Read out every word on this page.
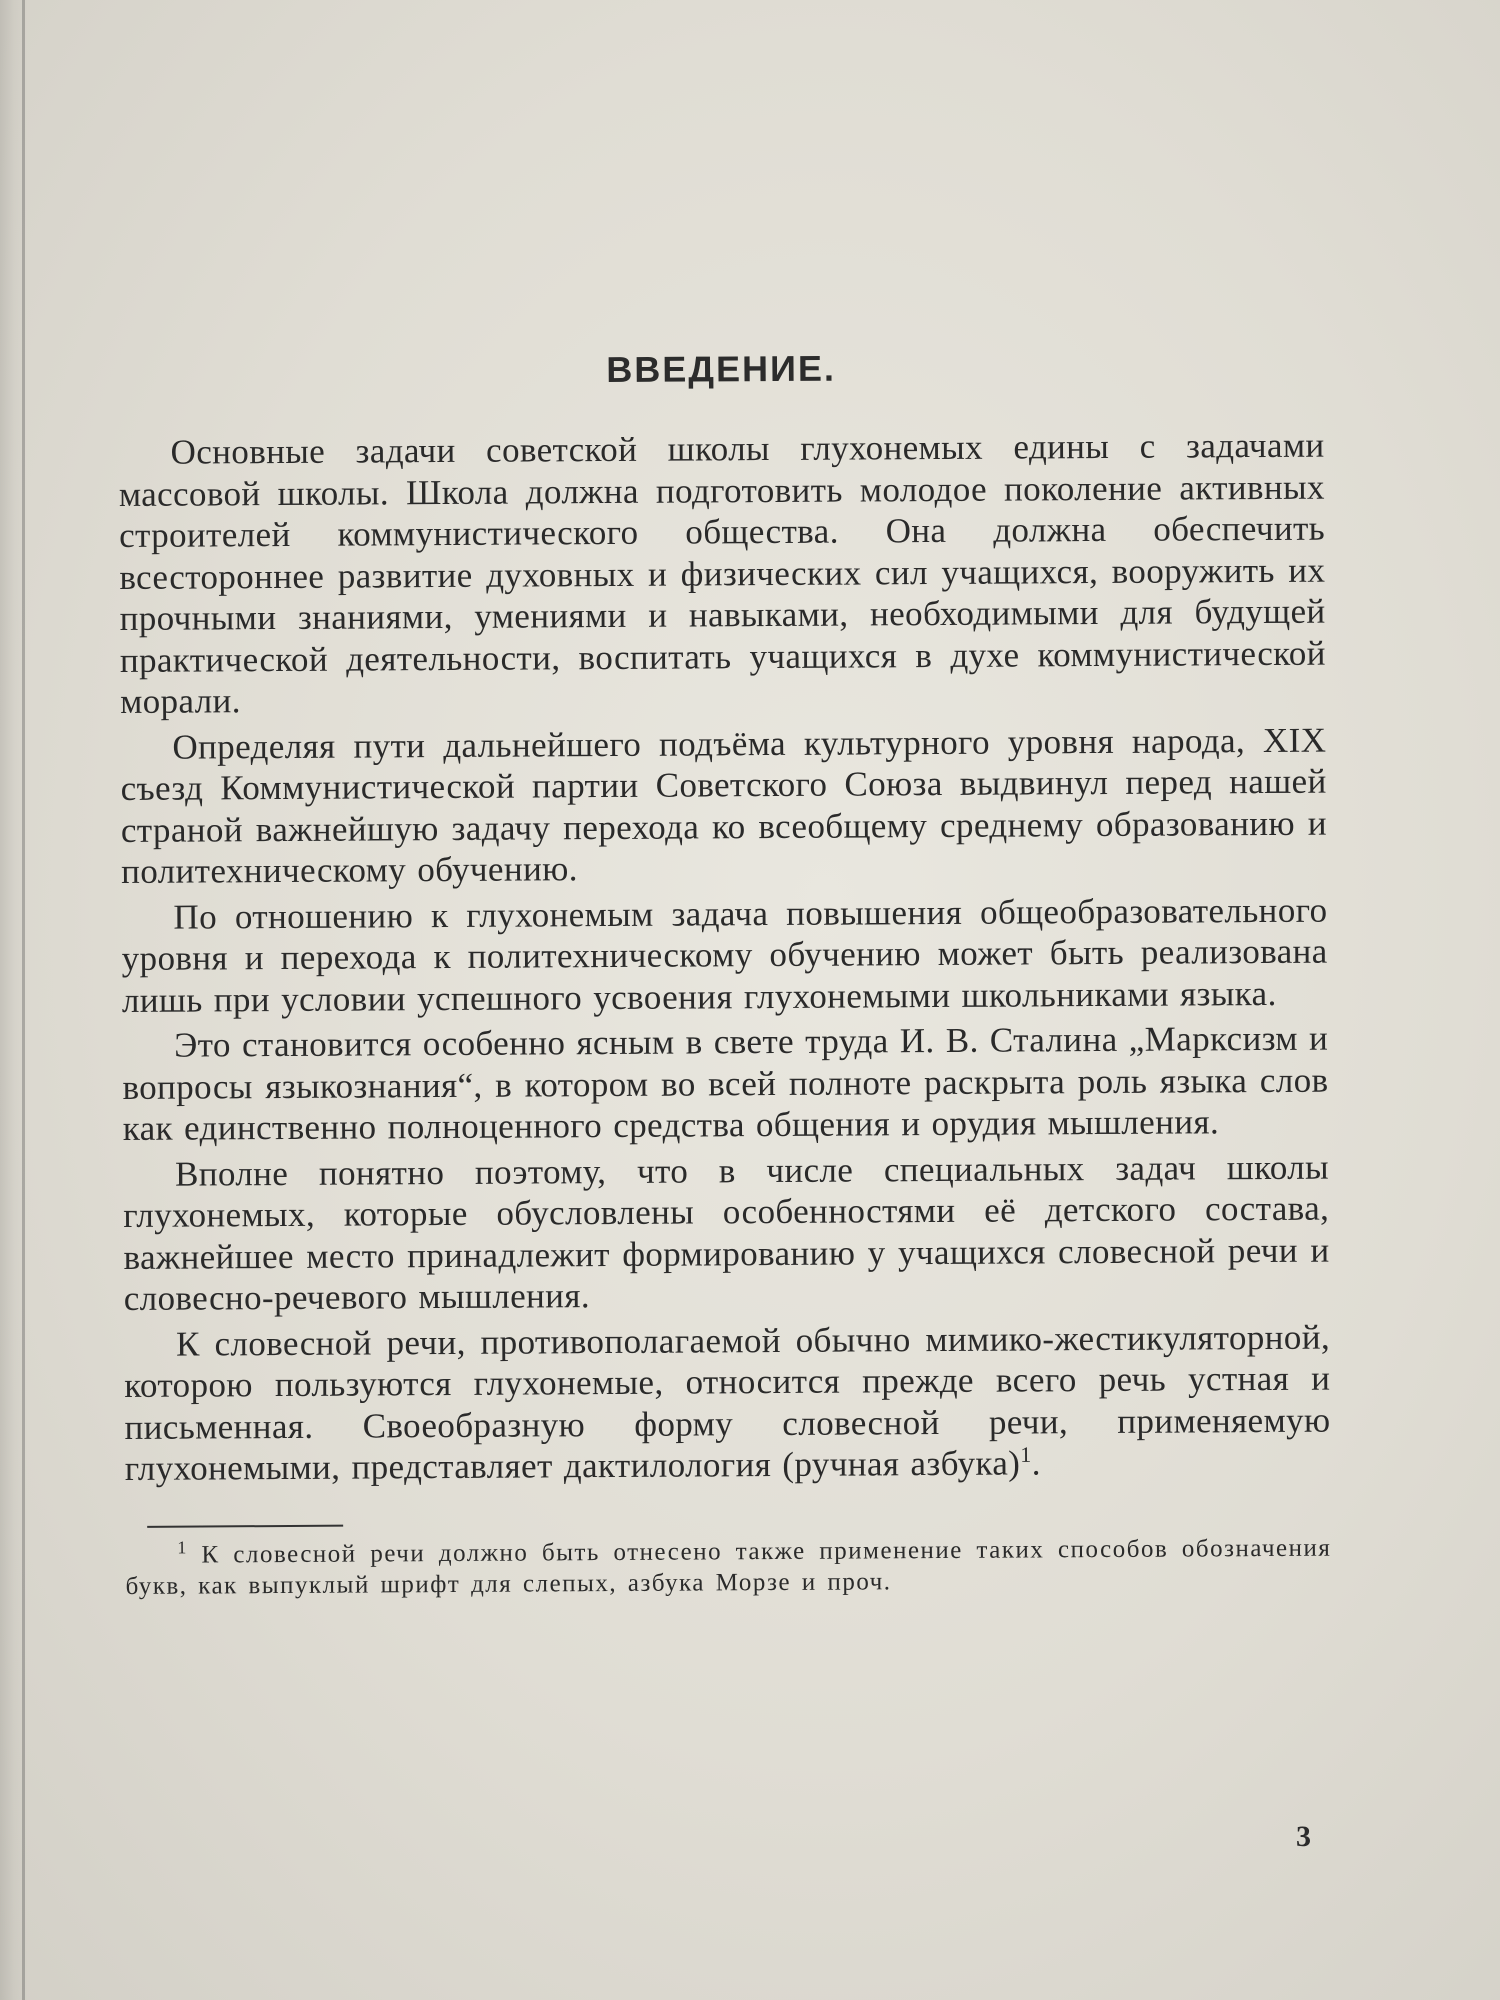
ВВЕДЕНИЕ.

Основные задачи советской школы глухонемых едины с задачами массовой школы. Школа должна подготовить молодое поколение активных строителей коммунистического общества. Она должна обеспечить всестороннее развитие духовных и физических сил учащихся, вооружить их прочными знаниями, умениями и навыками, необходимыми для будущей практической деятельности, воспитать учащихся в духе коммунистической морали.

Определяя пути дальнейшего подъёма культурного уровня народа, XIX съезд Коммунистической партии Советского Союза выдвинул перед нашей страной важнейшую задачу перехода ко всеобщему среднему образованию и политехническому обучению.

По отношению к глухонемым задача повышения общеобразовательного уровня и перехода к политехническому обучению может быть реализована лишь при условии успешного усвоения глухонемыми школьниками языка.

Это становится особенно ясным в свете труда И. В. Сталина „Марксизм и вопросы языкознания“, в котором во всей полноте раскрыта роль языка слов как единственно полноценного средства общения и орудия мышления.

Вполне понятно поэтому, что в числе специальных задач школы глухонемых, которые обусловлены особенностями её детского состава, важнейшее место принадлежит формированию у учащихся словесной речи и словесно-речевого мышления.

К словесной речи, противополагаемой обычно мимико-жестикуляторной, которою пользуются глухонемые, относится прежде всего речь устная и письменная. Своеобразную форму словесной речи, применяемую глухонемыми, представляет дактилология (ручная азбука)$^1$.

$^1$ К словесной речи должно быть отнесено также применение таких способов обозначения букв, как выпуклый шрифт для слепых, азбука Морзе и проч.

3
